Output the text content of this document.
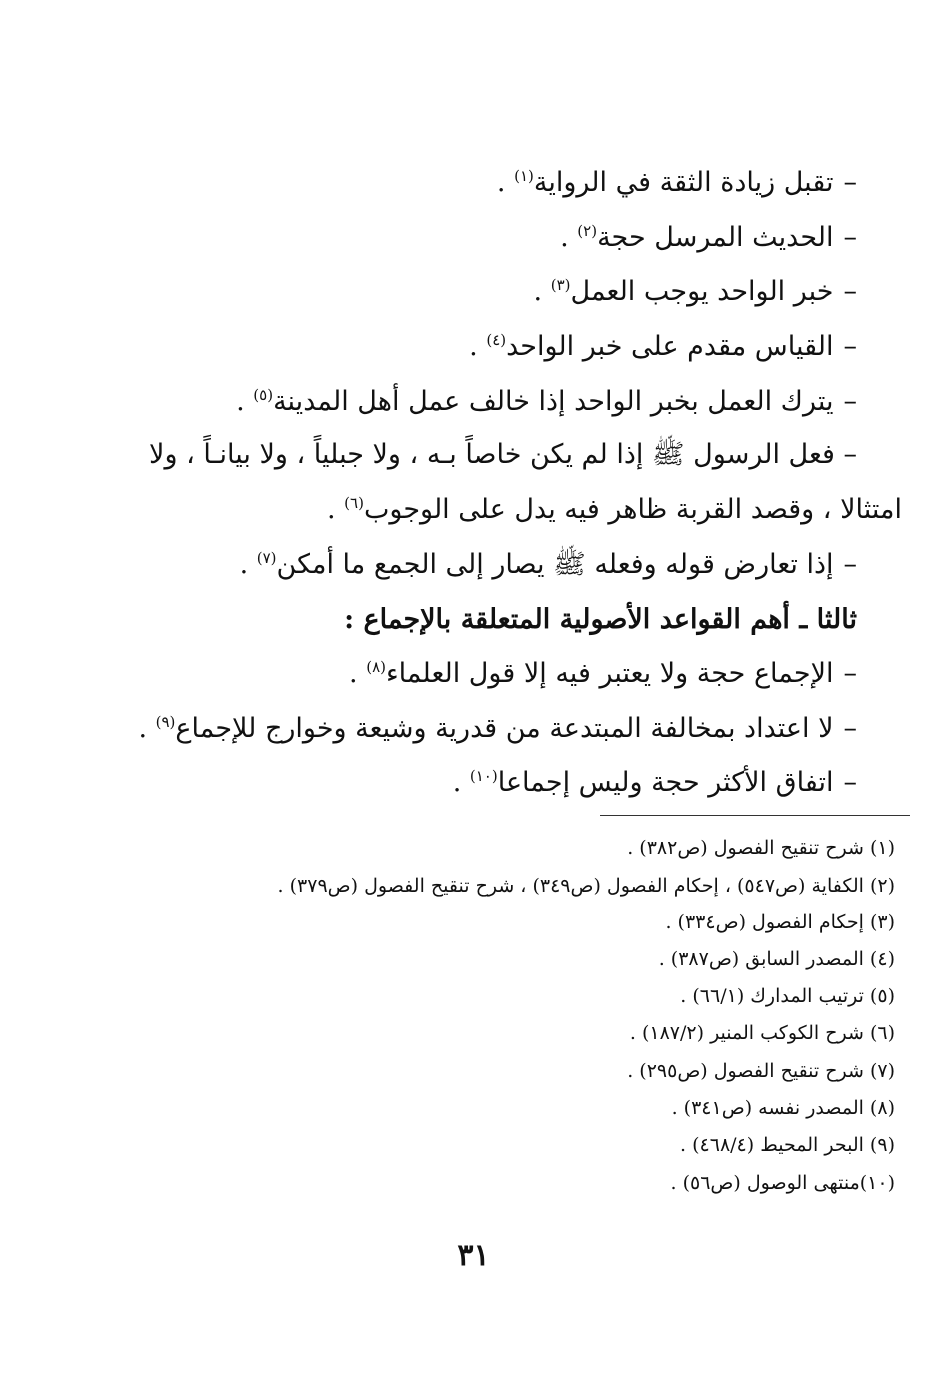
–تقبل زيادة الثقة في الرواية$^{(١)}$ .
–الحديث المرسل حجة$^{(٢)}$ .
–خبر الواحد يوجب العمل$^{(٣)}$ .
–القياس مقدم على خبر الواحد$^{(٤)}$ .
–يترك العمل بخبر الواحد إذا خالف عمل أهل المدينة$^{(٥)}$ .
– فعل الرسول ﷺ إذا لم يكن خاصاً بـه ، ولا جبلياً ، ولا بيانـاً ، ولا
امتثالا ، وقصد القربة ظاهر فيه يدل على الوجوب$^{(٦)}$ .
–إذا تعارض قوله وفعله ﷺ يصار إلى الجمع ما أمكن$^{(٧)}$ .
ثالثا ـ أهم القواعد الأصولية المتعلقة بالإجماع :
–الإجماع حجة ولا يعتبر فيه إلا قول العلماء$^{(٨)}$ .
–لا اعتداد بمخالفة المبتدعة من قدرية وشيعة وخوارج للإجماع$^{(٩)}$ .
–اتفاق الأكثر حجة وليس إجماعا$^{(١٠)}$ .
(١) شرح تنقيح الفصول (ص٣٨٢) .
(٢) الكفاية (ص٥٤٧) ، إحكام الفصول (ص٣٤٩) ، شرح تنقيح الفصول (ص٣٧٩) .
(٣) إحكام الفصول (ص٣٣٤) .
(٤) المصدر السابق (ص٣٨٧) .
(٥) ترتيب المدارك (٦٦/١) .
(٦) شرح الكوكب المنير (١٨٧/٢) .
(٧) شرح تنقيح الفصول (ص٢٩٥) .
(٨) المصدر نفسه (ص٣٤١) .
(٩) البحر المحيط (٤٦٨/٤) .
(١٠)منتهى الوصول (ص٥٦) .
٣١
